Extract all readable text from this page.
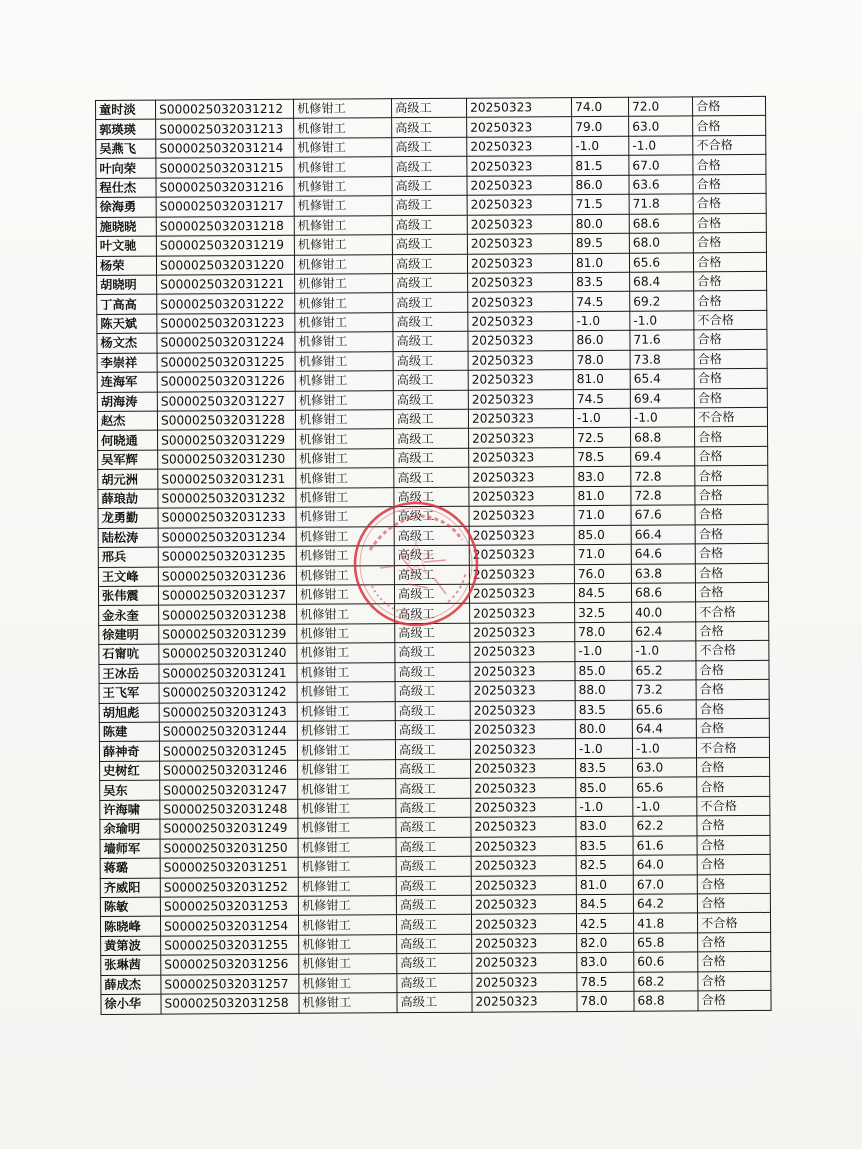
童时淡	S000025032031212	机修钳工	高级工	20250323	74.0	72.0	合格
郭瑛瑛	S000025032031213	机修钳工	高级工	20250323	79.0	63.0	合格
吴燕飞	S000025032031214	机修钳工	高级工	20250323	-1.0	-1.0	不合格
叶向荣	S000025032031215	机修钳工	高级工	20250323	81.5	67.0	合格
程仕杰	S000025032031216	机修钳工	高级工	20250323	86.0	63.6	合格
徐海勇	S000025032031217	机修钳工	高级工	20250323	71.5	71.8	合格
施晓晓	S000025032031218	机修钳工	高级工	20250323	80.0	68.6	合格
叶文驰	S000025032031219	机修钳工	高级工	20250323	89.5	68.0	合格
杨荣	S000025032031220	机修钳工	高级工	20250323	81.0	65.6	合格
胡晓明	S000025032031221	机修钳工	高级工	20250323	83.5	68.4	合格
丁高高	S000025032031222	机修钳工	高级工	20250323	74.5	69.2	合格
陈天斌	S000025032031223	机修钳工	高级工	20250323	-1.0	-1.0	不合格
杨文杰	S000025032031224	机修钳工	高级工	20250323	86.0	71.6	合格
李崇祥	S000025032031225	机修钳工	高级工	20250323	78.0	73.8	合格
连海军	S000025032031226	机修钳工	高级工	20250323	81.0	65.4	合格
胡海涛	S000025032031227	机修钳工	高级工	20250323	74.5	69.4	合格
赵杰	S000025032031228	机修钳工	高级工	20250323	-1.0	-1.0	不合格
何晓通	S000025032031229	机修钳工	高级工	20250323	72.5	68.8	合格
吴军辉	S000025032031230	机修钳工	高级工	20250323	78.5	69.4	合格
胡元洲	S000025032031231	机修钳工	高级工	20250323	83.0	72.8	合格
薛琅劼	S000025032031232	机修钳工	高级工	20250323	81.0	72.8	合格
龙勇勤	S000025032031233	机修钳工	高级工	20250323	71.0	67.6	合格
陆松涛	S000025032031234	机修钳工	高级工	20250323	85.0	66.4	合格
邢兵	S000025032031235	机修钳工	高级工	20250323	71.0	64.6	合格
王文峰	S000025032031236	机修钳工	高级工	20250323	76.0	63.8	合格
张伟震	S000025032031237	机修钳工	高级工	20250323	84.5	68.6	合格
金永奎	S000025032031238	机修钳工	高级工	20250323	32.5	40.0	不合格
徐建明	S000025032031239	机修钳工	高级工	20250323	78.0	62.4	合格
石甯吭	S000025032031240	机修钳工	高级工	20250323	-1.0	-1.0	不合格
王冰岳	S000025032031241	机修钳工	高级工	20250323	85.0	65.2	合格
王飞军	S000025032031242	机修钳工	高级工	20250323	88.0	73.2	合格
胡旭彪	S000025032031243	机修钳工	高级工	20250323	83.5	65.6	合格
陈建	S000025032031244	机修钳工	高级工	20250323	80.0	64.4	合格
薛神奇	S000025032031245	机修钳工	高级工	20250323	-1.0	-1.0	不合格
史树红	S000025032031246	机修钳工	高级工	20250323	83.5	63.0	合格
吴东	S000025032031247	机修钳工	高级工	20250323	85.0	65.6	合格
许海啸	S000025032031248	机修钳工	高级工	20250323	-1.0	-1.0	不合格
余瑜明	S000025032031249	机修钳工	高级工	20250323	83.0	62.2	合格
墙师军	S000025032031250	机修钳工	高级工	20250323	83.5	61.6	合格
蒋璐	S000025032031251	机修钳工	高级工	20250323	82.5	64.0	合格
齐威阳	S000025032031252	机修钳工	高级工	20250323	81.0	67.0	合格
陈敏	S000025032031253	机修钳工	高级工	20250323	84.5	64.2	合格
陈晓峰	S000025032031254	机修钳工	高级工	20250323	42.5	41.8	不合格
黄第波	S000025032031255	机修钳工	高级工	20250323	82.0	65.8	合格
张琳茜	S000025032031256	机修钳工	高级工	20250323	83.0	60.6	合格
薛成杰	S000025032031257	机修钳工	高级工	20250323	78.5	68.2	合格
徐小华	S000025032031258	机修钳工	高级工	20250323	78.0	68.8	合格
